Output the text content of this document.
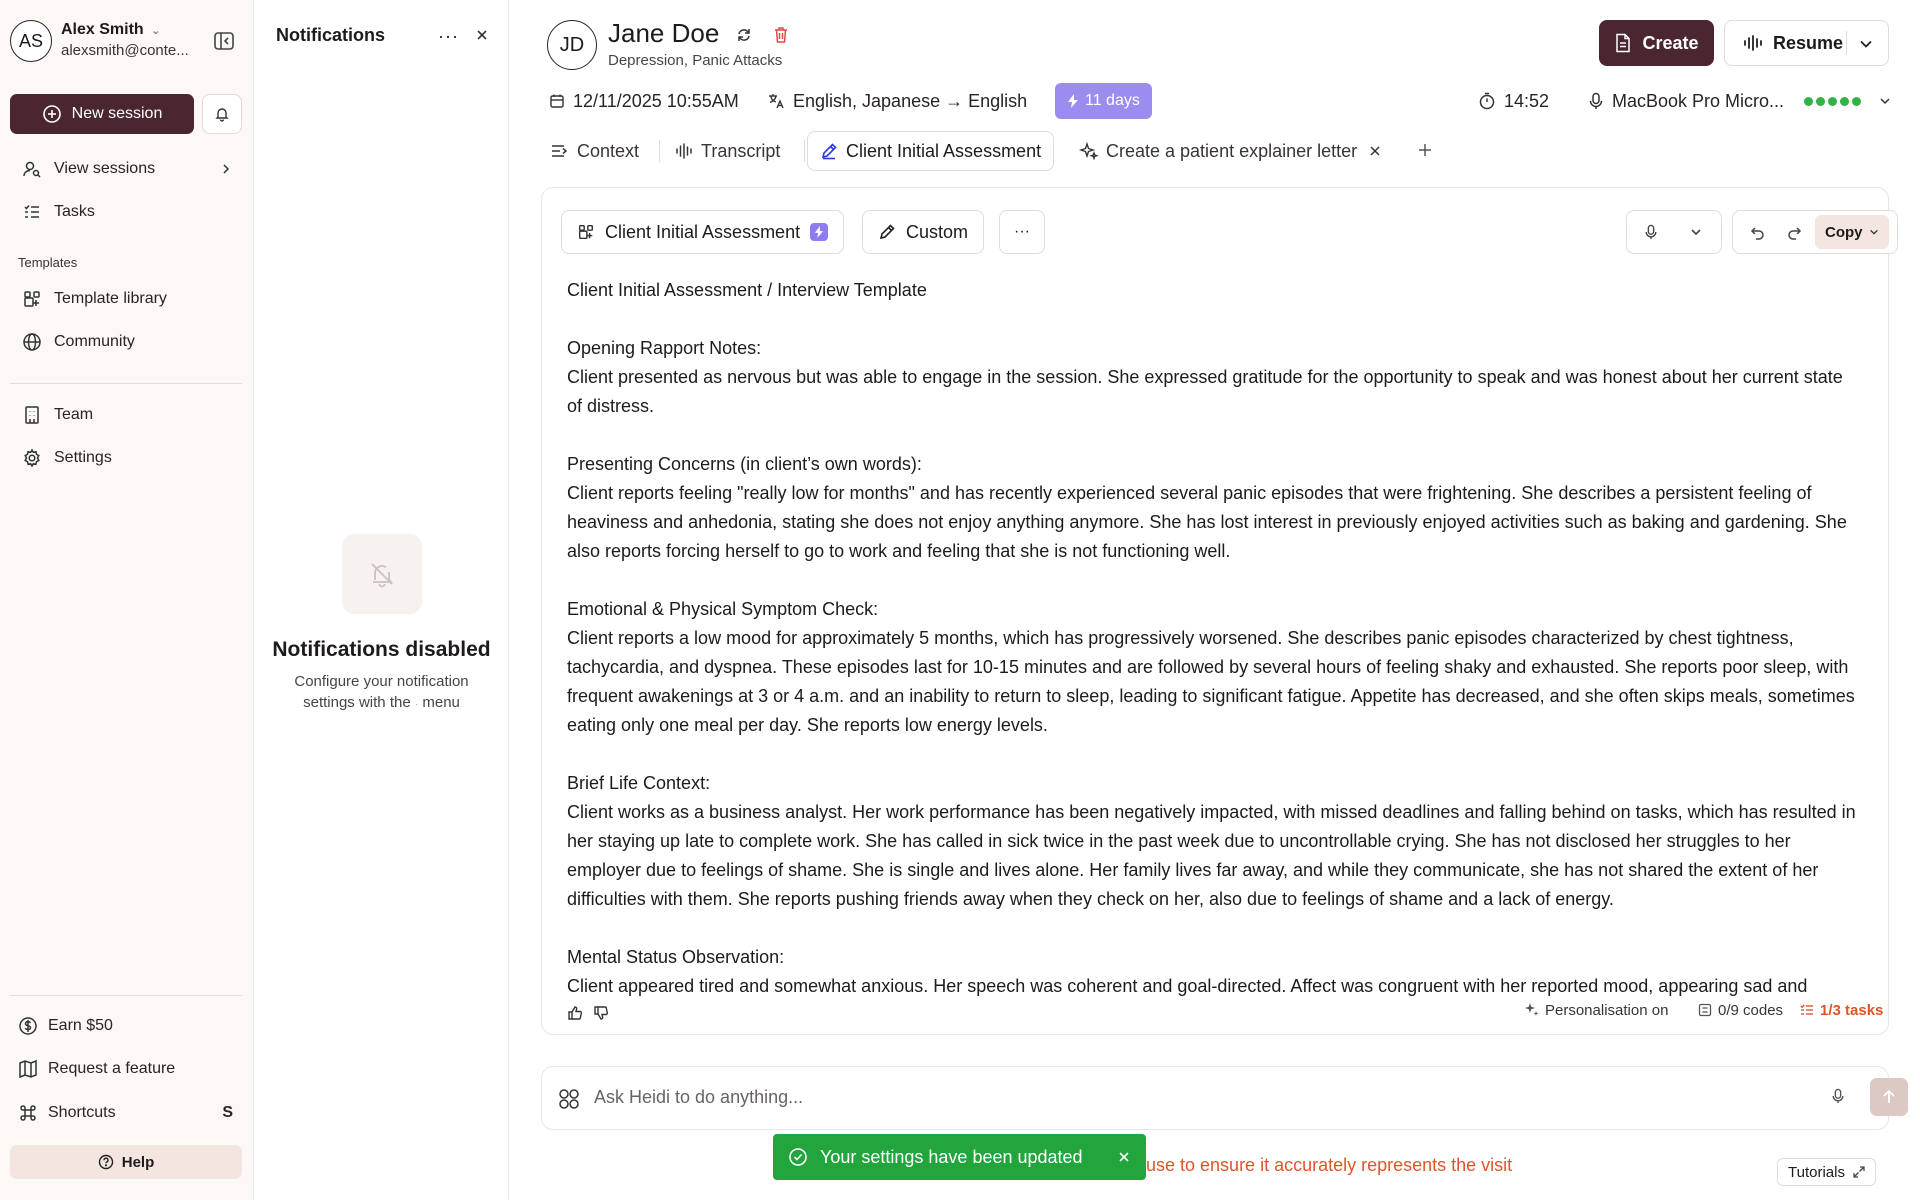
AS
Alex Smith ⌄
alexsmith@conte...
New session
View sessions
Tasks
Templates
Template library
Community
Team
Settings
Earn $50
Request a feature
Shortcuts	S
Help
Notifications	···
Notifications disabled
Configure your notification
settings with the · menu
JD Jane Doe
Depression, Panic Attacks
12/11/2025 10:55AM	English, Japanese → English	11 days	14:52	MacBook Pro Micro...
Create	Resume
Context	Transcript	Client Initial Assessment	Create a patient explainer letter
Client Initial Assessment	Custom	···	Copy

Client Initial Assessment / Interview Template

Opening Rapport Notes:

Client presented as nervous but was able to engage in the session. She expressed gratitude for the opportunity to speak and was honest about her current state of distress.

Presenting Concerns (in client’s own words):

Client reports feeling "really low for months" and has recently experienced several panic episodes that were frightening. She describes a persistent feeling of heaviness and anhedonia, stating she does not enjoy anything anymore. She has lost interest in previously enjoyed activities such as baking and gardening. She also reports forcing herself to go to work and feeling that she is not functioning well.

Emotional & Physical Symptom Check:

Client reports a low mood for approximately 5 months, which has progressively worsened. She describes panic episodes characterized by chest tightness, tachycardia, and dyspnea. These episodes last for 10-15 minutes and are followed by several hours of feeling shaky and exhausted. She reports poor sleep, with frequent awakenings at 3 or 4 a.m. and an inability to return to sleep, leading to significant fatigue. Appetite has decreased, and she often skips meals, sometimes eating only one meal per day. She reports low energy levels.

Brief Life Context:

Client works as a business analyst. Her work performance has been negatively impacted, with missed deadlines and falling behind on tasks, which has resulted in her staying up late to complete work. She has called in sick twice in the past week due to uncontrollable crying. She has not disclosed her struggles to her employer due to feelings of shame. She is single and lives alone. Her family lives far away, and while they communicate, she has not shared the extent of her difficulties with them. She reports pushing friends away when they check on her, also due to feelings of shame and a lack of energy.

Mental Status Observation:

Client appeared tired and somewhat anxious. Her speech was coherent and goal-directed. Affect was congruent with her reported mood, appearing sad and

Personalisation on	0/9 codes 1/3 tasks
Ask Heidi to do anything...
use to ensure it accurately represents the visit	Tutorials
Your settings have been updated
